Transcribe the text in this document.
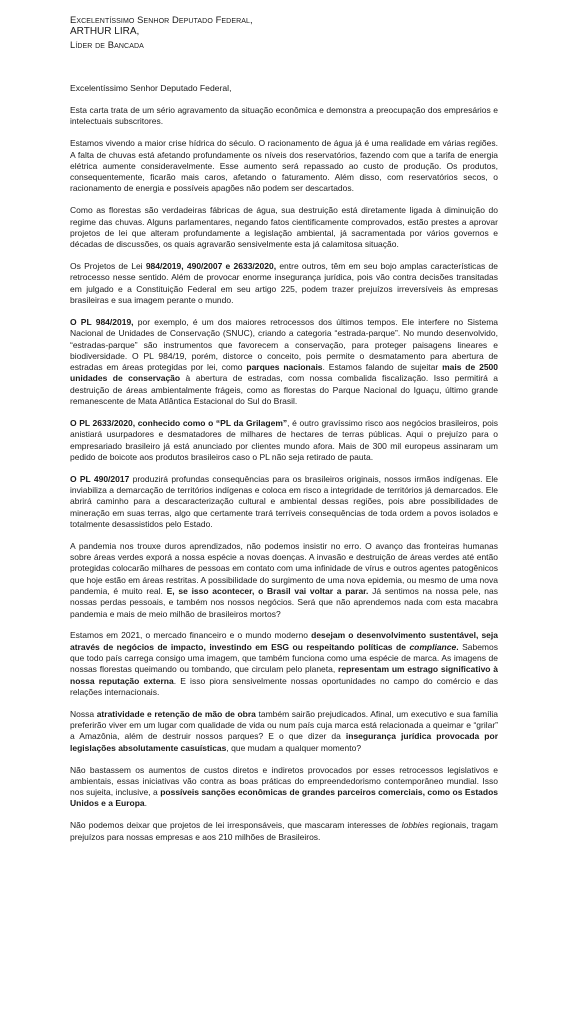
Excelentíssimo Senhor Deputado Federal,
ARTHUR LIRA,
Líder de Bancada

Excelentíssimo Senhor Deputado Federal,

Esta carta trata de um sério agravamento da situação econômica e demonstra a preocupação dos empresários e intelectuais subscritores.

Estamos vivendo a maior crise hídrica do século. O racionamento de água já é uma realidade em várias regiões. A falta de chuvas está afetando profundamente os níveis dos reservatórios, fazendo com que a tarifa de energia elétrica aumente consideravelmente. Esse aumento será repassado ao custo de produção. Os produtos, consequentemente, ficarão mais caros, afetando o faturamento. Além disso, com reservatórios secos, o racionamento de energia e possíveis apagões não podem ser descartados.

Como as florestas são verdadeiras fábricas de água, sua destruição está diretamente ligada à diminuição do regime das chuvas. Alguns parlamentares, negando fatos cientificamente comprovados, estão prestes a aprovar projetos de lei que alteram profundamente a legislação ambiental, já sacramentada por vários governos e décadas de discussões, os quais agravarão sensivelmente esta já calamitosa situação.

Os Projetos de Lei 984/2019, 490/2007 e 2633/2020, entre outros, têm em seu bojo amplas características de retrocesso nesse sentido. Além de provocar enorme insegurança jurídica, pois vão contra decisões transitadas em julgado e a Constituição Federal em seu artigo 225, podem trazer prejuízos irreversíveis às empresas brasileiras e sua imagem perante o mundo.

O PL 984/2019, por exemplo, é um dos maiores retrocessos dos últimos tempos. Ele interfere no Sistema Nacional de Unidades de Conservação (SNUC), criando a categoria “estrada-parque”. No mundo desenvolvido, “estradas-parque” são instrumentos que favorecem a conservação, para proteger paisagens lineares e biodiversidade. O PL 984/19, porém, distorce o conceito, pois permite o desmatamento para abertura de estradas em áreas protegidas por lei, como parques nacionais. Estamos falando de sujeitar mais de 2500 unidades de conservação à abertura de estradas, com nossa combalida fiscalização. Isso permitirá a destruição de áreas ambientalmente frágeis, como as florestas do Parque Nacional do Iguaçu, último grande remanescente de Mata Atlântica Estacional do Sul do Brasil.

O PL 2633/2020, conhecido como o “PL da Grilagem”, é outro gravíssimo risco aos negócios brasileiros, pois anistiará usurpadores e desmatadores de milhares de hectares de terras públicas. Aqui o prejuízo para o empresariado brasileiro já está anunciado por clientes mundo afora. Mais de 300 mil europeus assinaram um pedido de boicote aos produtos brasileiros caso o PL não seja retirado de pauta.

O PL 490/2017 produzirá profundas consequências para os brasileiros originais, nossos irmãos indígenas. Ele inviabiliza a demarcação de territórios indígenas e coloca em risco a integridade de territórios já demarcados. Ele abrirá caminho para a descaracterização cultural e ambiental dessas regiões, pois abre possibilidades de mineração em suas terras, algo que certamente trará terríveis consequências de toda ordem a povos isolados e totalmente desassistidos pelo Estado.

A pandemia nos trouxe duros aprendizados, não podemos insistir no erro. O avanço das fronteiras humanas sobre áreas verdes exporá a nossa espécie a novas doenças. A invasão e destruição de áreas verdes até então protegidas colocarão milhares de pessoas em contato com uma infinidade de vírus e outros agentes patogênicos que hoje estão em áreas restritas. A possibilidade do surgimento de uma nova epidemia, ou mesmo de uma nova pandemia, é muito real. E, se isso acontecer, o Brasil vai voltar a parar. Já sentimos na nossa pele, nas nossas perdas pessoais, e também nos nossos negócios. Será que não aprendemos nada com esta macabra pandemia e mais de meio milhão de brasileiros mortos?

Estamos em 2021, o mercado financeiro e o mundo moderno desejam o desenvolvimento sustentável, seja através de negócios de impacto, investindo em ESG ou respeitando políticas de compliance. Sabemos que todo país carrega consigo uma imagem, que também funciona como uma espécie de marca. As imagens de nossas florestas queimando ou tombando, que circulam pelo planeta, representam um estrago significativo à nossa reputação externa. E isso piora sensivelmente nossas oportunidades no campo do comércio e das relações internacionais.

Nossa atratividade e retenção de mão de obra também sairão prejudicados. Afinal, um executivo e sua família preferirão viver em um lugar com qualidade de vida ou num país cuja marca está relacionada a queimar e “grilar” a Amazônia, além de destruir nossos parques? E o que dizer da insegurança jurídica provocada por legislações absolutamente casuísticas, que mudam a qualquer momento?

Não bastassem os aumentos de custos diretos e indiretos provocados por esses retrocessos legislativos e ambientais, essas iniciativas vão contra as boas práticas do empreendedorismo contemporâneo mundial. Isso nos sujeita, inclusive, a possíveis sanções econômicas de grandes parceiros comerciais, como os Estados Unidos e a Europa.

Não podemos deixar que projetos de lei irresponsáveis, que mascaram interesses de lobbies regionais, tragam prejuízos para nossas empresas e aos 210 milhões de Brasileiros.
